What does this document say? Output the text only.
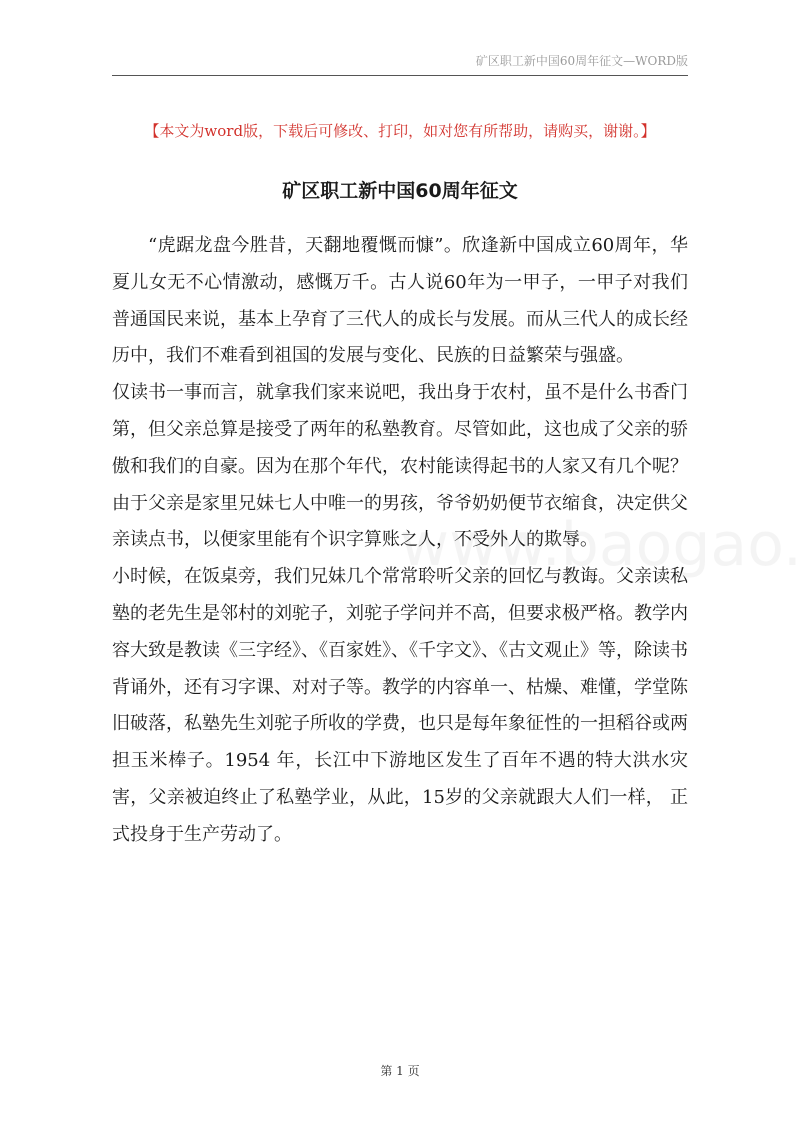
矿区职工新中国60周年征文—WORD版
【本文为word版，下载后可修改、打印，如对您有所帮助，请购买，谢谢。】
矿区职工新中国60周年征文

“虎踞龙盘今胜昔，天翻地覆慨而慷”。欣逢新中国成立60周年，华夏儿女无不心情激动，感慨万千。古人说60年为一甲子，一甲子对我们普通国民来说，基本上孕育了三代人的成长与发展。而从三代人的成长经历中，我们不难看到祖国的发展与变化、民族的日益繁荣与强盛。

仅读书一事而言，就拿我们家来说吧，我出身于农村，虽不是什么书香门第，但父亲总算是接受了两年的私塾教育。尽管如此，这也成了父亲的骄傲和我们的自豪。因为在那个年代，农村能读得起书的人家又有几个呢？由于父亲是家里兄妹七人中唯一的男孩，爷爷奶奶便节衣缩食，决定供父亲读点书，以便家里能有个识字算账之人，不受外人的欺辱。

小时候，在饭桌旁，我们兄妹几个常常聆听父亲的回忆与教诲。父亲读私塾的老先生是邻村的刘驼子，刘驼子学问并不高，但要求极严格。教学内容大致是教读《三字经》、《百家姓》、《千字文》、《古文观止》等，除读书背诵外，还有习字课、对对子等。教学的内容单一、枯燥、难懂，学堂陈旧破落，私塾先生刘驼子所收的学费，也只是每年象征性的一担稻谷或两担玉米棒子。1954 年，长江中下游地区发生了百年不遇的特大洪水灾害，父亲被迫终止了私塾学业，从此，15岁的父亲就跟大人们一样， 正式投身于生产劳动了。

第 1 页
